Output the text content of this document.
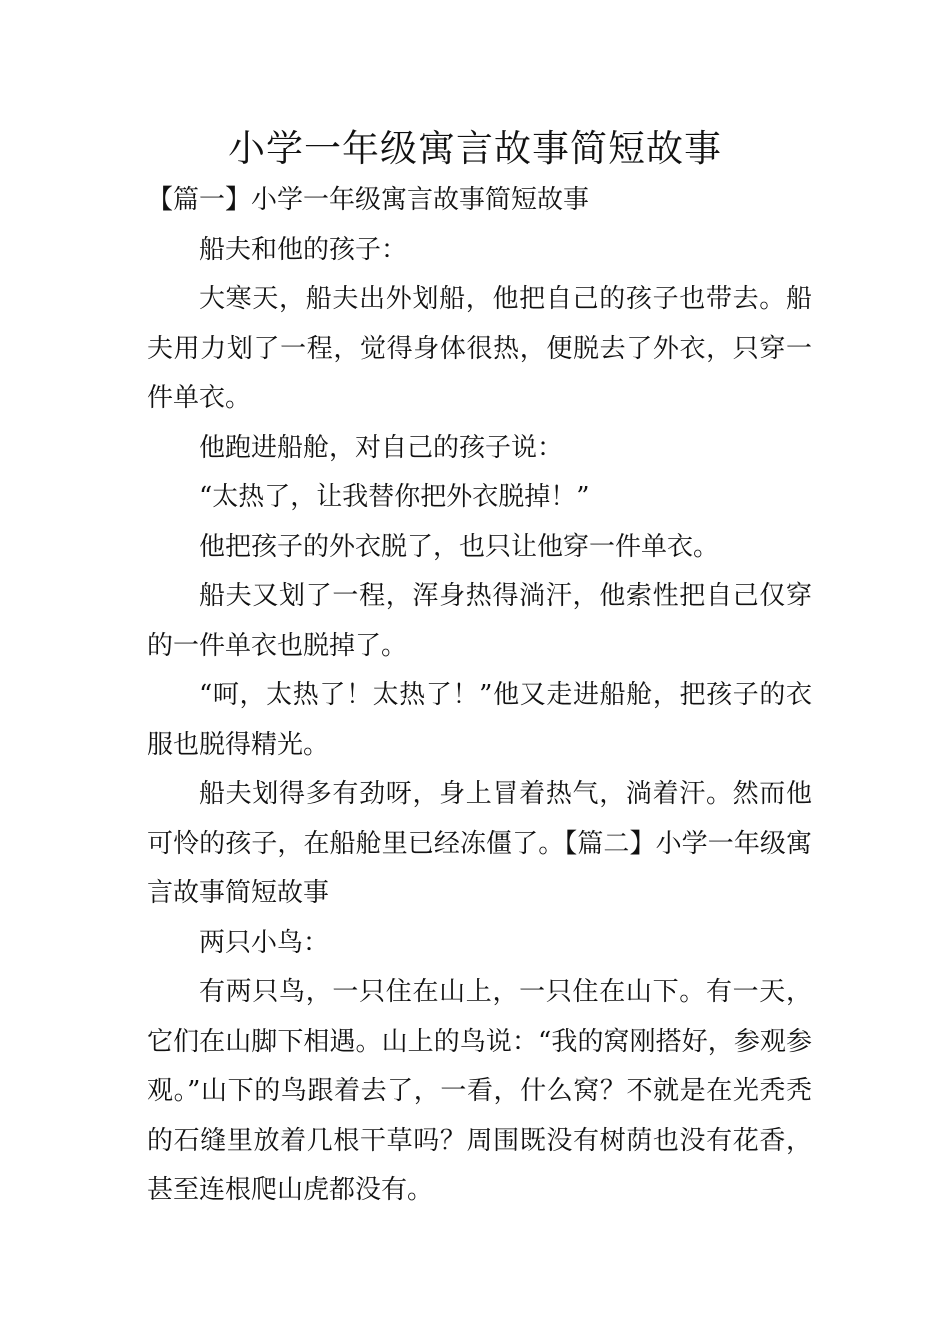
小学一年级寓言故事简短故事

【篇一】小学一年级寓言故事简短故事

船夫和他的孩子：

大寒天，船夫出外划船，他把自己的孩子也带去。船夫用力划了一程，觉得身体很热，便脱去了外衣，只穿一件单衣。

他跑进船舱，对自己的孩子说：

“太热了，让我替你把外衣脱掉！”

他把孩子的外衣脱了，也只让他穿一件单衣。

船夫又划了一程，浑身热得淌汗，他索性把自己仅穿的一件单衣也脱掉了。

“呵，太热了！太热了！”他又走进船舱，把孩子的衣服也脱得精光。

船夫划得多有劲呀，身上冒着热气，淌着汗。然而他可怜的孩子，在船舱里已经冻僵了。【篇二】小学一年级寓言故事简短故事

两只小鸟：

有两只鸟，一只住在山上，一只住在山下。有一天，它们在山脚下相遇。山上的鸟说：“我的窝刚搭好，参观参观。”山下的鸟跟着去了，一看，什么窝？不就是在光秃秃的石缝里放着几根干草吗？周围既没有树荫也没有花香，甚至连根爬山虎都没有。
